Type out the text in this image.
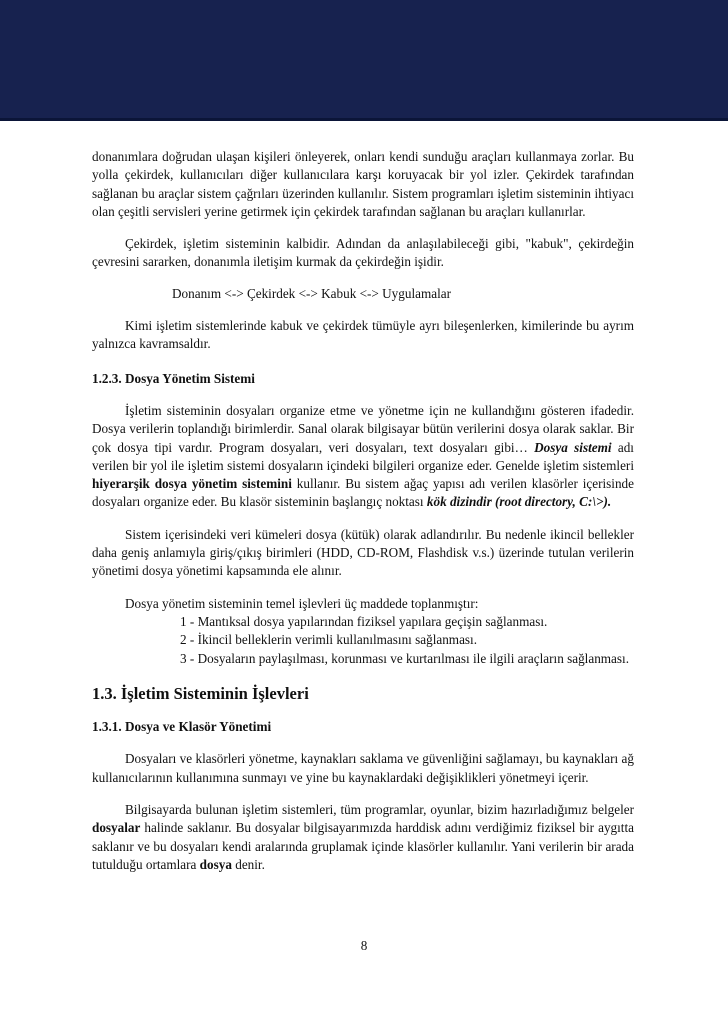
donanımlara doğrudan ulaşan kişileri önleyerek, onları kendi sunduğu araçları kullanmaya zorlar. Bu yolla çekirdek, kullanıcıları diğer kullanıcılara karşı koruyacak bir yol izler. Çekirdek tarafından sağlanan bu araçlar sistem çağrıları üzerinden kullanılır. Sistem programları işletim sisteminin ihtiyacı olan çeşitli servisleri yerine getirmek için çekirdek tarafından sağlanan bu araçları kullanırlar.

Çekirdek, işletim sisteminin kalbidir. Adından da anlaşılabileceği gibi, "kabuk", çekirdeğin çevresini sararken, donanımla iletişim kurmak da çekirdeğin işidir.

Donanım <-> Çekirdek <-> Kabuk <-> Uygulamalar

Kimi işletim sistemlerinde kabuk ve çekirdek tümüyle ayrı bileşenlerken, kimilerinde bu ayrım yalnızca kavramsaldır.

1.2.3. Dosya Yönetim Sistemi

İşletim sisteminin dosyaları organize etme ve yönetme için ne kullandığını gösteren ifadedir. Dosya verilerin toplandığı birimlerdir. Sanal olarak bilgisayar bütün verilerini dosya olarak saklar. Bir çok dosya tipi vardır. Program dosyaları, veri dosyaları, text dosyaları gibi… Dosya sistemi adı verilen bir yol ile işletim sistemi dosyaların içindeki bilgileri organize eder. Genelde işletim sistemleri hiyerarşik dosya yönetim sistemini kullanır. Bu sistem ağaç yapısı adı verilen klasörler içerisinde dosyaları organize eder. Bu klasör sisteminin başlangıç noktası kök dizindir (root directory, C:\>).

Sistem içerisindeki veri kümeleri dosya (kütük) olarak adlandırılır. Bu nedenle ikincil bellekler daha geniş anlamıyla giriş/çıkış birimleri (HDD, CD-ROM, Flashdisk v.s.) üzerinde tutulan verilerin yönetimi dosya yönetimi kapsamında ele alınır.

Dosya yönetim sisteminin temel işlevleri üç maddede toplanmıştır:

1 - Mantıksal dosya yapılarından fiziksel yapılara geçişin sağlanması.

2 - İkincil belleklerin verimli kullanılmasını sağlanması.

3 - Dosyaların paylaşılması, korunması ve kurtarılması ile ilgili araçların sağlanması.

1.3. İşletim Sisteminin İşlevleri
1.3.1. Dosya ve Klasör Yönetimi

Dosyaları ve klasörleri yönetme, kaynakları saklama ve güvenliğini sağlamayı, bu kaynakları ağ kullanıcılarının kullanımına sunmayı ve yine bu kaynaklardaki değişiklikleri yönetmeyi içerir.

Bilgisayarda bulunan işletim sistemleri, tüm programlar, oyunlar, bizim hazırladığımız belgeler dosyalar halinde saklanır. Bu dosyalar bilgisayarımızda harddisk adını verdiğimiz fiziksel bir aygıtta saklanır ve bu dosyaları kendi aralarında gruplamak içinde klasörler kullanılır. Yani verilerin bir arada tutulduğu ortamlara dosya denir.

8
